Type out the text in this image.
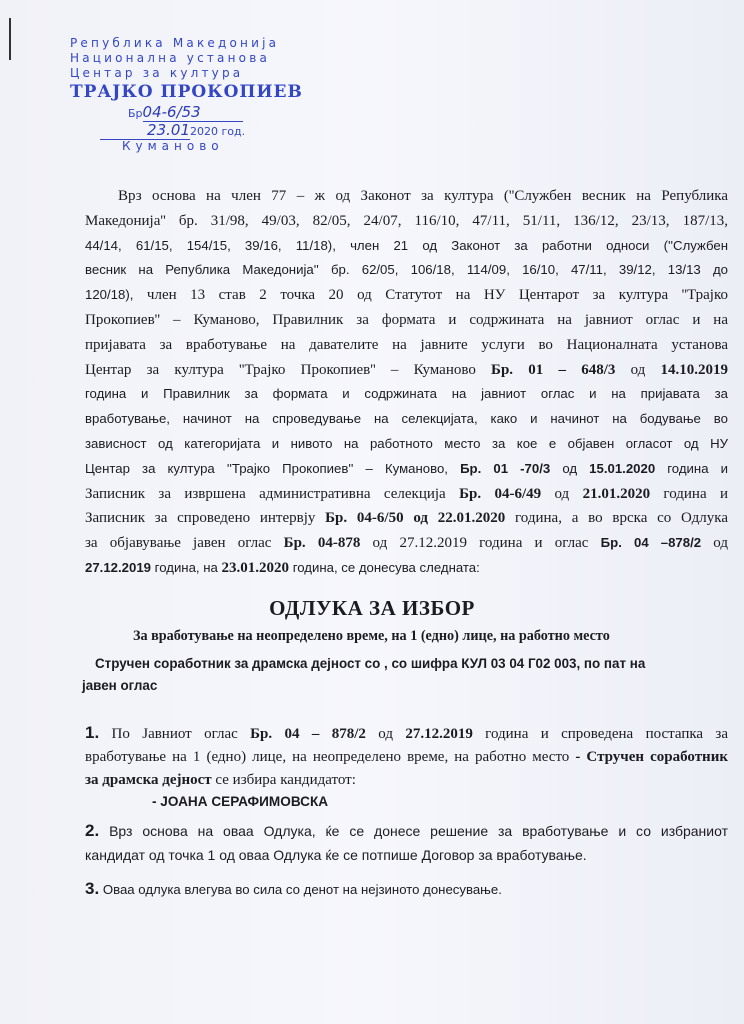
Република Македонија
Национална установа
Центар за култура
ТРАЈКО ПРОКОПИЕВ
Бр04-6/53
23.012020 год.
Куманово
Врз основа на член 77 – ж од Законот за култура (''Службен весник на Република
Македонија'' бр. 31/98, 49/03, 82/05, 24/07, 116/10, 47/11, 51/11, 136/12, 23/13, 187/13,
44/14, 61/15, 154/15, 39/16, 11/18), член 21 од Законот за работни односи (''Службен
весник на Република Македонија'' бр. 62/05, 106/18, 114/09, 16/10, 47/11, 39/12, 13/13 до
120/18), член 13 став 2 точка 20 од Статутот на НУ Центарот за култура ''Трајко
Прокопиев'' – Куманово, Правилник за формата и содржината на јавниот оглас и на
пријавата за вработување на давателите на јавните услуги во Националната установа
Центар за култура ''Трајко Прокопиев'' – Куманово Бр. 01 – 648/3 од 14.10.2019
година и Правилник за формата и содржината на јавниот оглас и на пријавата за
вработување, начинот на спроведување на селекцијата, како и начинот на бодување во
зависност од категоријата и нивото на работното место за кое е објавен огласот од НУ
Центар за култура ''Трајко Прокопиев'' – Куманово, Бр. 01 -70/3 од 15.01.2020 година и
Записник за извршена административна селекција Бр. 04-6/49 од 21.01.2020 година и
Записник за спроведено интервју Бр. 04-6/50 од 22.01.2020 година, а во врска со Одлука
за објавување јавен оглас Бр. 04-878 од 27.12.2019 година и оглас Бр. 04 –878/2 од
27.12.2019 година, на 23.01.2020 година, се донесува следната:
ОДЛУКА ЗА ИЗБОР
За вработување на неопределено време, на 1 (едно) лице, на работно место
Стручен соработник за драмска дејност со , со шифра КУЛ 03 04 Г02 003, по пат на
јавен оглас
1. По Јавниот оглас Бр. 04 – 878/2 од 27.12.2019 година и спроведена постапка за
вработување на 1 (едно) лице, на неопределено време, на работно место - Стручен соработник
за драмска дејност се избира кандидатот:
- ЈОАНА СЕРАФИМОВСКА
2. Врз основа на оваа Одлука, ќе се донесе решение за вработување и со избраниот
кандидат од точка 1 од оваа Одлука ќе се потпише Договор за вработување.
3. Оваа одлука влегува во сила со денот на нејзиното донесување.
